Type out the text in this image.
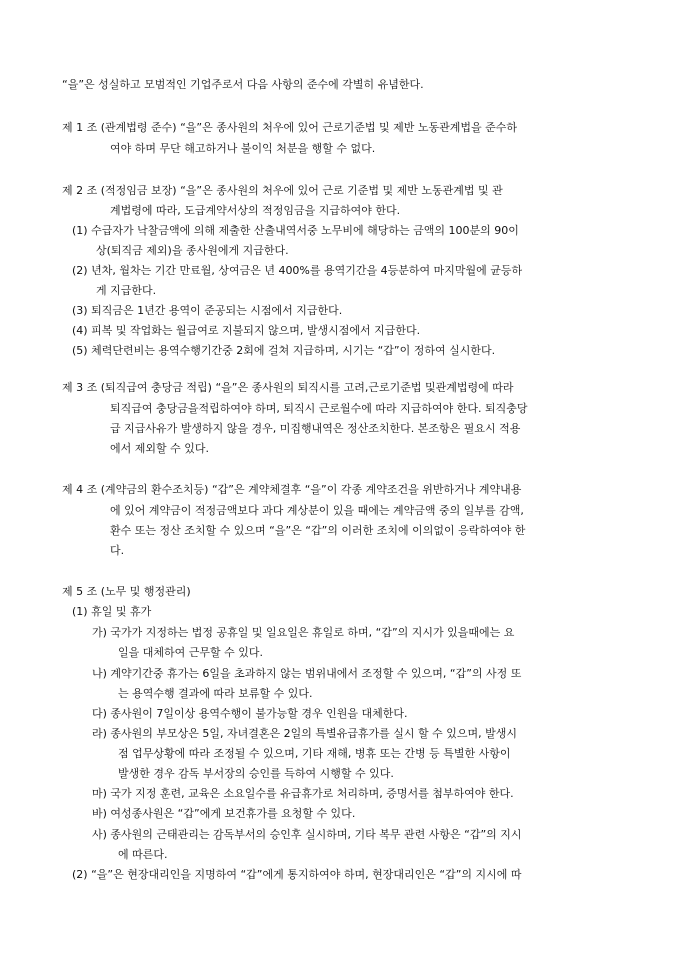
“을”은 성실하고 모범적인 기업주로서 다음 사항의 준수에 각별히 유념한다.
제 1 조 (관계법령 준수) “을”은 종사원의 처우에 있어 근로기준법 및 제반 노동관계법을 준수하
여야 하며 무단 해고하거나 불이익 처분을 행할 수 없다.
제 2 조 (적정임금 보장) “을”은 종사원의 처우에 있어 근로 기준법 및 제반 노동관계법 및 관
계법령에 따라, 도급계약서상의 적정임금을 지급하여야 한다.
(1) 수급자가 낙찰금액에 의해 제출한 산출내역서중 노무비에 해당하는 금액의 100분의 90이
상(퇴직금 제외)을 종사원에게 지급한다.
(2) 년차, 월차는 기간 만료월, 상여금은 년 400%를 용역기간을 4등분하여 마지막월에 균등하
게 지급한다.
(3) 퇴직금은 1년간 용역이 준공되는 시점에서 지급한다.
(4) 피복 및 작업화는 월급여로 지불되지 않으며, 발생시점에서 지급한다.
(5) 체력단련비는 용역수행기간중 2회에 걸쳐 지급하며, 시기는 “갑”이 정하여 실시한다.
제 3 조 (퇴직급여 충당금 적립) “을”은 종사원의 퇴직시를 고려,근로기준법 및관계법령에 따라
퇴직급여 충당금을적립하여야 하며, 퇴직시 근로월수에 따라 지급하여야 한다. 퇴직충당
급 지급사유가 발생하지 않을 경우, 미집행내역은 정산조치한다. 본조항은 필요시 적용
에서 제외할 수 있다.
제 4 조 (계약금의 환수조치등) “갑”은 계약체결후 “을”이 각종 계약조건을 위반하거나 계약내용
에 있어 계약금이 적정금액보다 과다 계상분이 있을 때에는 계약금액 중의 일부를 감액,
환수 또는 정산 조치할 수 있으며 “을”은 “갑”의 이러한 조치에 이의없이 응락하여야 한
다.
제 5 조 (노무 및 행정관리)
(1) 휴일 및 휴가
가) 국가가 지정하는 법정 공휴일 및 일요일은 휴일로 하며, “갑”의 지시가 있을때에는 요
일을 대체하여 근무할 수 있다.
나) 계약기간중 휴가는 6일을 초과하지 않는 범위내에서 조정할 수 있으며, “갑”의 사정 또
는 용역수행 결과에 따라 보류할 수 있다.
다) 종사원이 7일이상 용역수행이 불가능할 경우 인원을 대체한다.
라) 종사원의 부모상은 5일, 자녀결혼은 2일의 특별유급휴가를 실시 할 수 있으며, 발생시
점 업무상황에 따라 조정될 수 있으며, 기타 재해, 병휴 또는 간병 등 특별한 사항이
발생한 경우 감독 부서장의 승인를 득하여 시행할 수 있다.
마) 국가 지정 훈련, 교육은 소요일수를 유급휴가로 처리하며, 증명서를 첨부하여야 한다.
바) 여성종사원은 “갑”에게 보건휴가를 요청할 수 있다.
사) 종사원의 근태관리는 감독부서의 승인후 실시하며, 기타 복무 관련 사항은 “갑”의 지시
에 따른다.
(2) “을”은 현장대리인을 지명하여 “갑”에게 통지하여야 하며, 현장대리인은 “갑”의 지시에 따
